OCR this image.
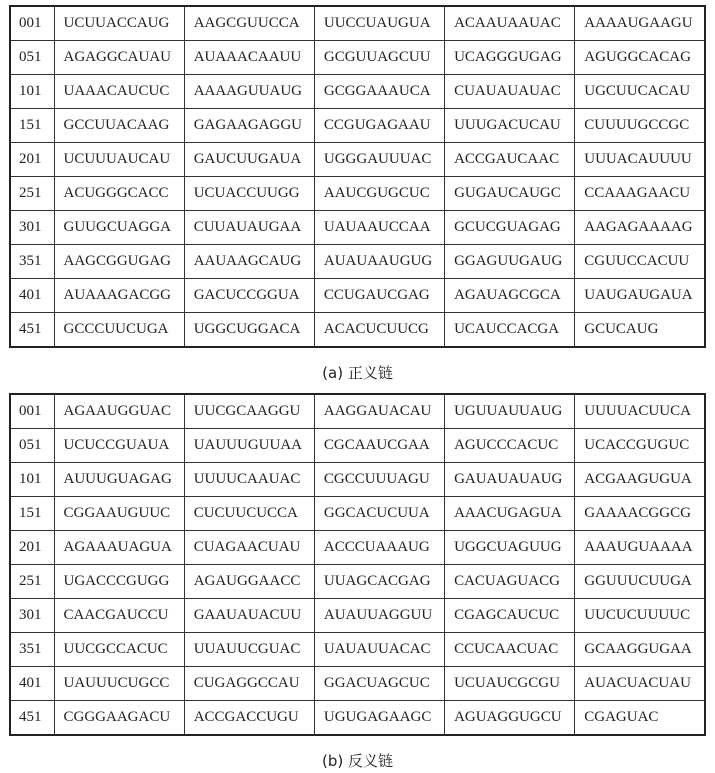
001	UCUUACCAUG	AAGCGUUCCA	UUCCUAUGUA	ACAAUAAUAC	AAAAUGAAGU
051	AGAGGCAUAU	AUAAACAAUU	GCGUUAGCUU	UCAGGGUGAG	AGUGGCACAG
101	UAAACAUCUC	AAAAGUUAUG	GCGGAAAUCA	CUAUAUAUAC	UGCUUCACAU
151	GCCUUACAAG	GAGAAGAGGU	CCGUGAGAAU	UUUGACUCAU	CUUUUGCCGC
201	UCUUUAUCAU	GAUCUUGAUA	UGGGAUUUAC	ACCGAUCAAC	UUUACAUUUU
251	ACUGGGCACC	UCUACCUUGG	AAUCGUGCUC	GUGAUCAUGC	CCAAAGAACU
301	GUUGCUAGGA	CUUAUAUGAA	UAUAAUCCAA	GCUCGUAGAG	AAGAGAAAAG
351	AAGCGGUGAG	AAUAAGCAUG	AUAUAAUGUG	GGAGUUGAUG	CGUUCCACUU
401	AUAAAGACGG	GACUCCGGUA	CCUGAUCGAG	AGAUAGCGCA	UAUGAUGAUA
451	GCCCUUCUGA	UGGCUGGACA	ACACUCUUCG	UCAUCCACGA	GCUCAUG
(a) 正义链
001	AGAAUGGUAC	UUCGCAAGGU	AAGGAUACAU	UGUUAUUAUG	UUUUACUUCA
051	UCUCCGUAUA	UAUUUGUUAA	CGCAAUCGAA	AGUCCCACUC	UCACCGUGUC
101	AUUUGUAGAG	UUUUCAAUAC	CGCCUUUAGU	GAUAUAUAUG	ACGAAGUGUA
151	CGGAAUGUUC	CUCUUCUCCA	GGCACUCUUA	AAACUGAGUA	GAAAACGGCG
201	AGAAAUAGUA	CUAGAACUAU	ACCCUAAAUG	UGGCUAGUUG	AAAUGUAAAA
251	UGACCCGUGG	AGAUGGAACC	UUAGCACGAG	CACUAGUACG	GGUUUCUUGA
301	CAACGAUCCU	GAAUAUACUU	AUAUUAGGUU	CGAGCAUCUC	UUCUCUUUUC
351	UUCGCCACUC	UUAUUCGUAC	UAUAUUACAC	CCUCAACUAC	GCAAGGUGAA
401	UAUUUCUGCC	CUGAGGCCAU	GGACUAGCUC	UCUAUCGCGU	AUACUACUAU
451	CGGGAAGACU	ACCGACCUGU	UGUGAGAAGC	AGUAGGUGCU	CGAGUAC
(b) 反义链
